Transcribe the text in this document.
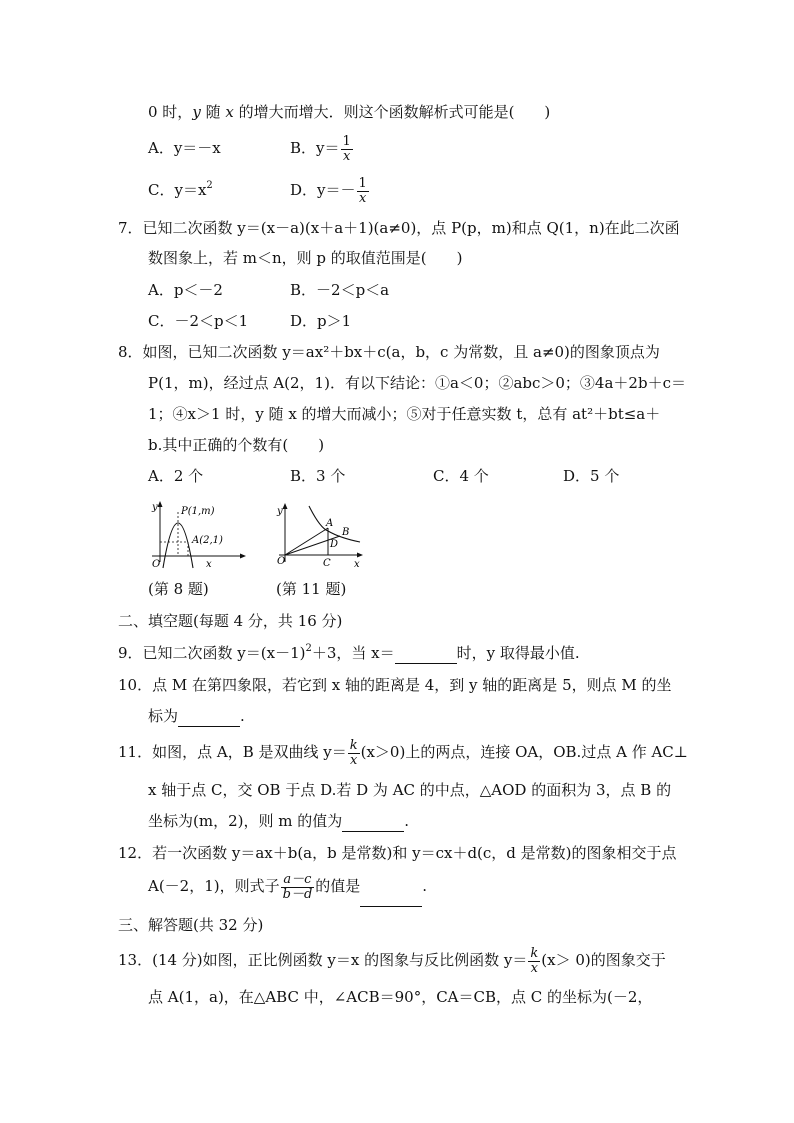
0 时，y 随 x 的增大而增大．则这个函数解析式可能是(　　)
A．y＝－x	B．$y= \frac{1}{x}$
C．$y=x^2$	D．$y=- \frac{1}{x}$
7．已知二次函数 y＝(x－a)(x＋a＋1)(a≠0)，点 P(p，m)和点 Q(1，n)在此二次函
数图象上，若 m＜n，则 p 的取值范围是(　　)
A．p＜－2	B．－2＜p＜a
C．－2＜p＜1	D．p＞1
8．如图，已知二次函数 y＝ax²＋bx＋c(a，b，c 为常数，且 a≠0)的图象顶点为
P(1，m)，经过点 A(2，1)．有以下结论：①a＜0；②abc＞0；③4a＋2b＋c＝
1；④x＞1 时，y 随 x 的增大而减小；⑤对于任意实数 t，总有 at²＋bt≤a＋
b.其中正确的个数有(　　)
A．2 个	B．3 个	C．4 个	D．5 个
y
x
O
P(1,m)
A(2,1)
(第 8 题)
y
x
O	C
A
B
D
(第 11 题)
二、填空题(每题 4 分，共 16 分)
9．已知二次函数 $y=(x-1)^2+3$，当 x＝	时，y 取得最小值.
10．点 M 在第四象限，若它到 x 轴的距离是 4，到 y 轴的距离是 5，则点 M 的坐
标为	.
11．如图，点 A，B 是双曲线 $y= \frac{k}{x} (x>0)$上的两点，连接 OA，OB.过点 A 作 AC⊥
x 轴于点 C，交 OB 于点 D.若 D 为 AC 的中点，△AOD 的面积为 3，点 B 的
坐标为(m，2)，则 m 的值为	.
12．若一次函数 y＝ax＋b(a，b 是常数)和 y＝cx＋d(c，d 是常数)的图象相交于点
A(－2，1)，则式子 $\frac{a-c}{b-d}$ 的值是	.
三、解答题(共 32 分)
13．(14 分)如图，正比例函数 y＝x 的图象与反比例函数 $y= \frac{k}{x} (x> 0)$的图象交于
点 A(1，a)，在△ABC 中，∠ACB＝90°，CA＝CB，点 C 的坐标为(－2，
